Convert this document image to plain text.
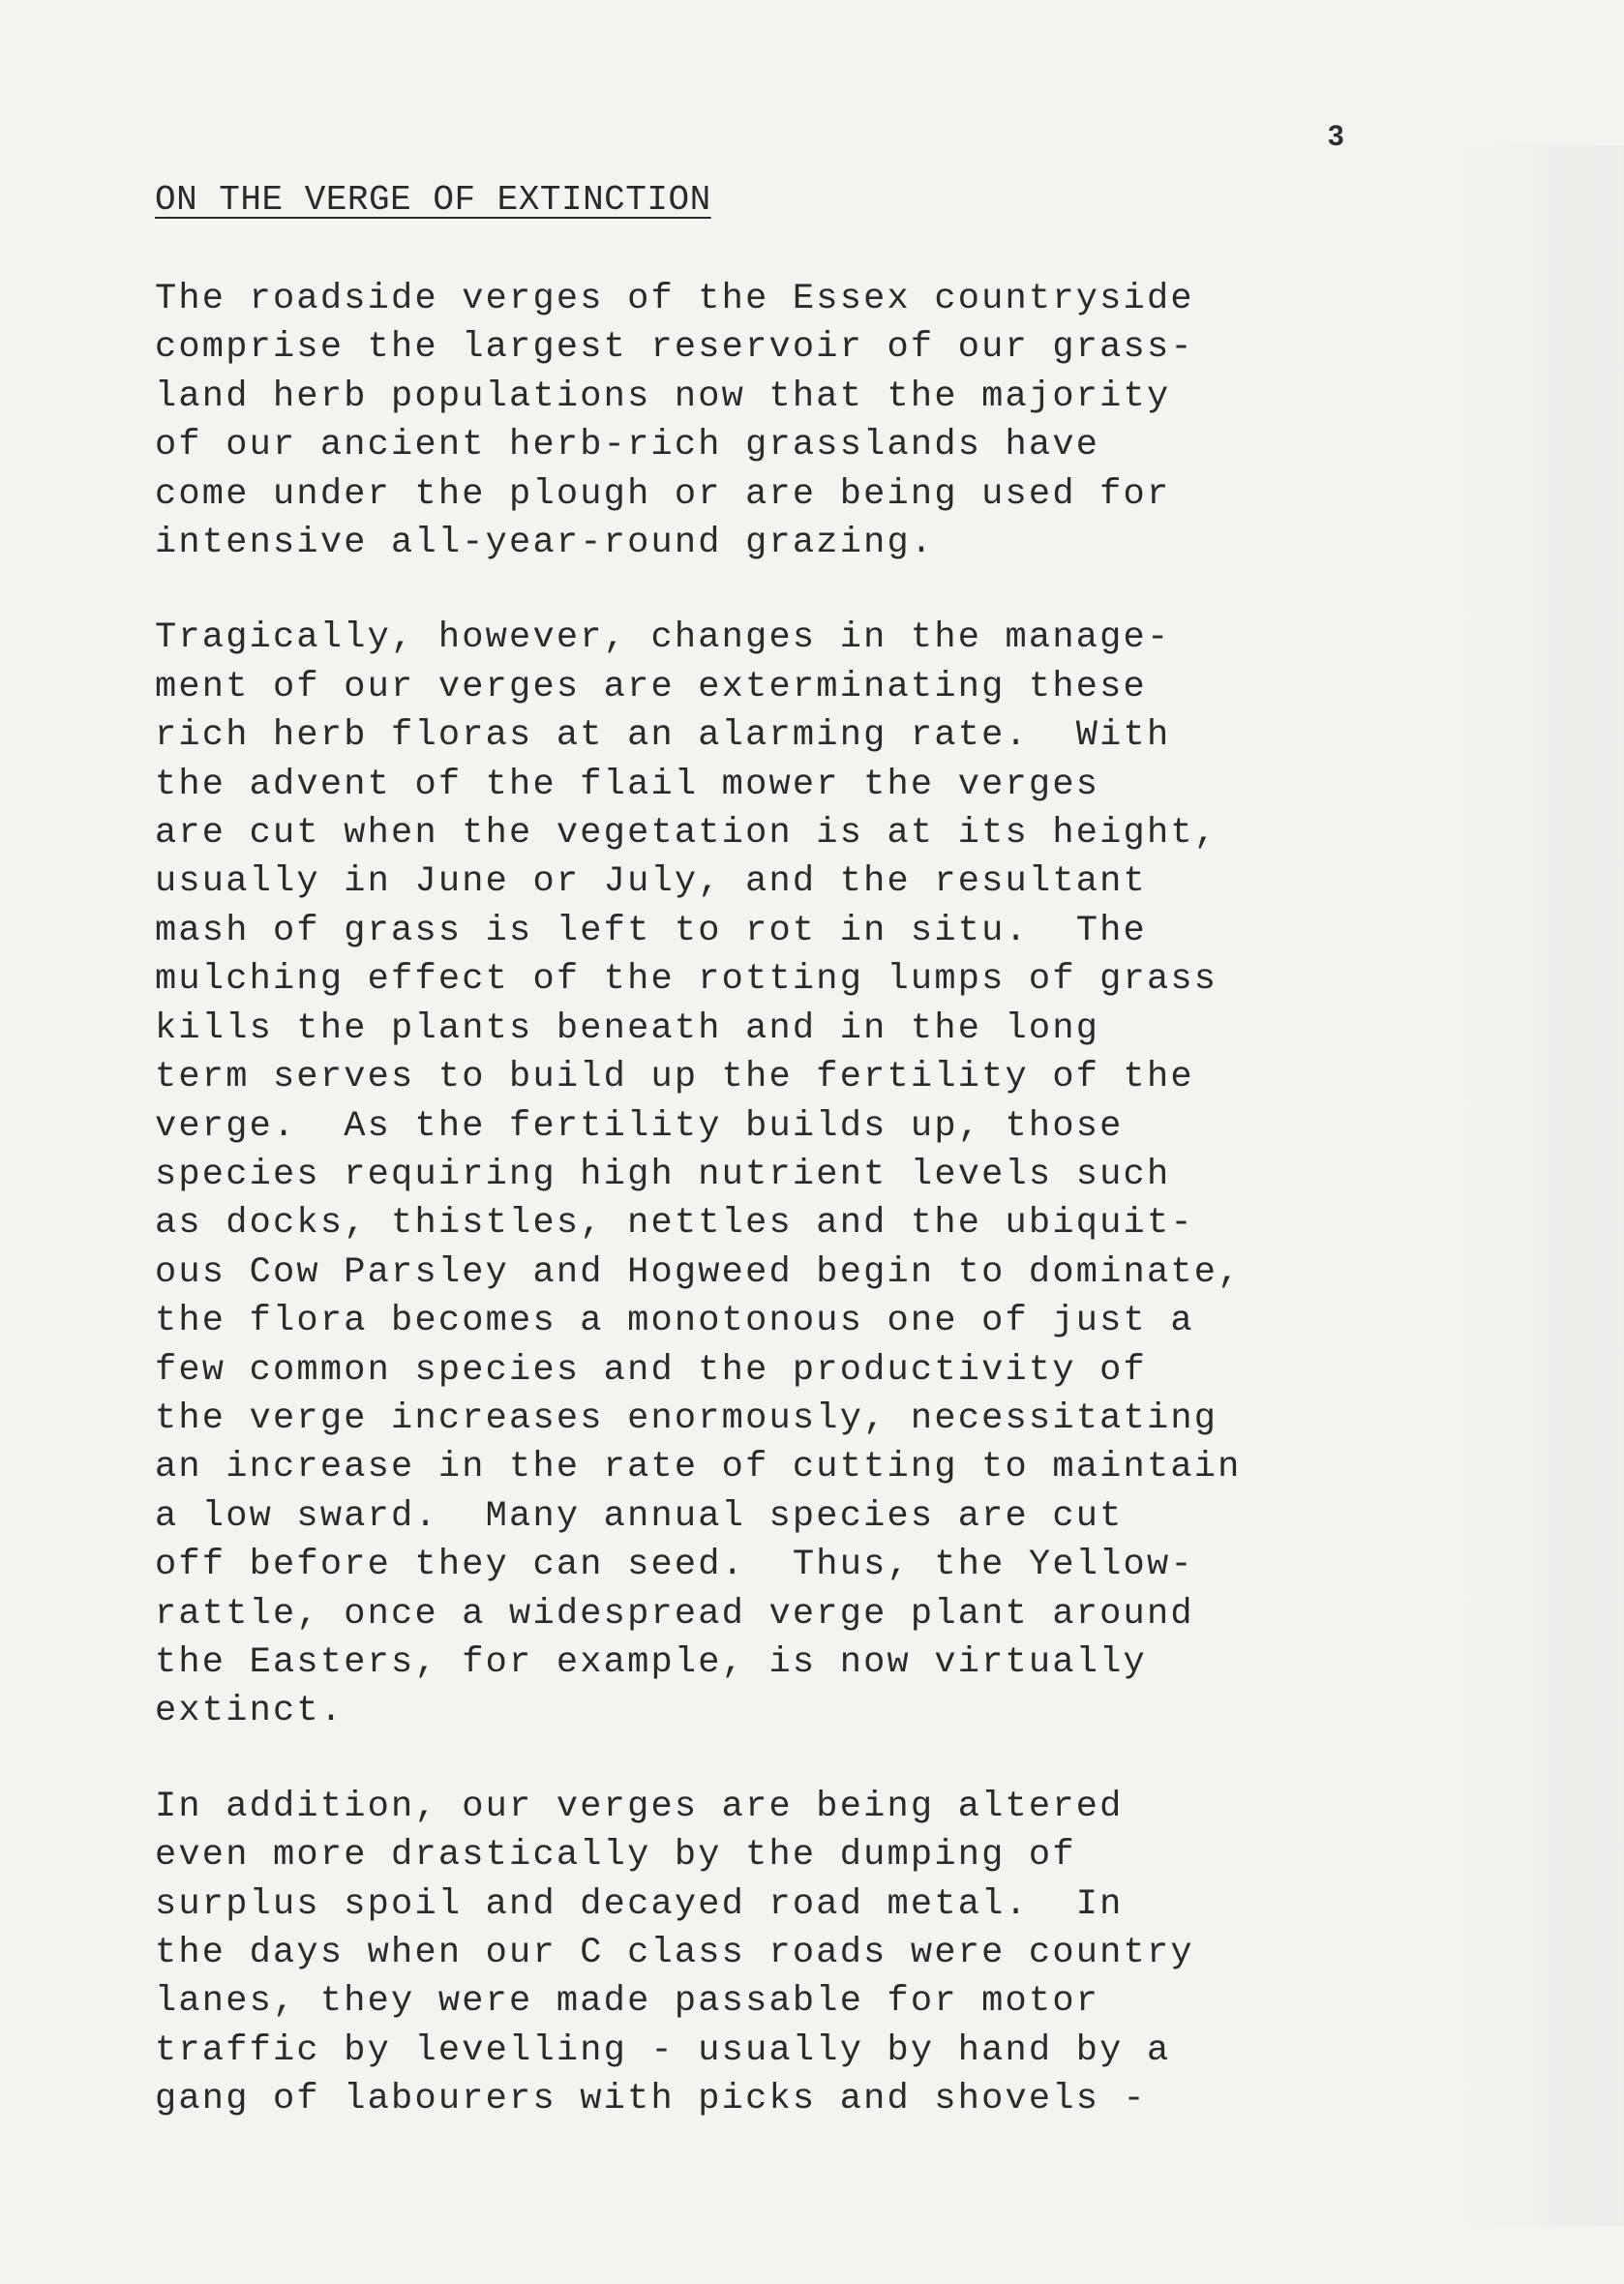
3
ON THE VERGE OF EXTINCTION

The roadside verges of the Essex countryside
comprise the largest reservoir of our grass-
land herb populations now that the majority
of our ancient herb-rich grasslands have
come under the plough or are being used for
intensive all-year-round grazing.

Tragically, however, changes in the manage-
ment of our verges are exterminating these
rich herb floras at an alarming rate.  With
the advent of the flail mower the verges
are cut when the vegetation is at its height,
usually in June or July, and the resultant
mash of grass is left to rot in situ.  The
mulching effect of the rotting lumps of grass
kills the plants beneath and in the long
term serves to build up the fertility of the
verge.  As the fertility builds up, those
species requiring high nutrient levels such
as docks, thistles, nettles and the ubiquit-
ous Cow Parsley and Hogweed begin to dominate,
the flora becomes a monotonous one of just a
few common species and the productivity of
the verge increases enormously, necessitating
an increase in the rate of cutting to maintain
a low sward.  Many annual species are cut
off before they can seed.  Thus, the Yellow-
rattle, once a widespread verge plant around
the Easters, for example, is now virtually
extinct.

In addition, our verges are being altered
even more drastically by the dumping of
surplus spoil and decayed road metal.  In
the days when our C class roads were country
lanes, they were made passable for motor
traffic by levelling - usually by hand by a
gang of labourers with picks and shovels -
